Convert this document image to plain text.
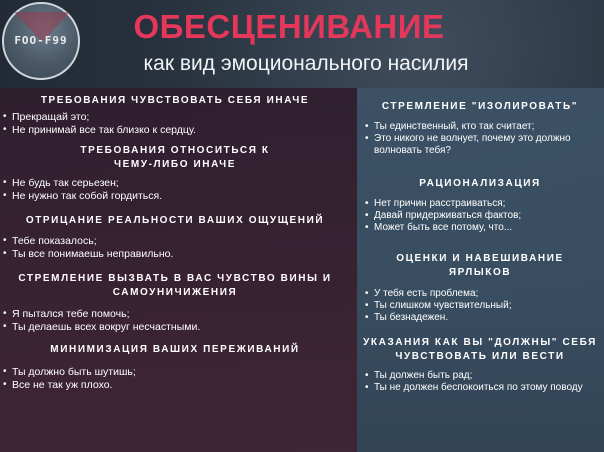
FOO-F99	ОБЕСЦЕНИВАНИЕ
как вид эмоционального насилия
ТРЕБОВАНИЯ ЧУВСТВОВАТЬ СЕБЯ ИНАЧЕ
• Прекращай это;
• Не принимай все так близко к сердцу.
ТРЕБОВАНИЯ ОТНОСИТЬСЯ К ЧЕМУ-ЛИБО ИНАЧЕ
• Не будь так серьезен;
• Не нужно так собой гордиться.
ОТРИЦАНИЕ РЕАЛЬНОСТИ ВАШИХ ОЩУЩЕНИЙ
• Тебе показалось;
• Ты все понимаешь неправильно.
СТРЕМЛЕНИЕ ВЫЗВАТЬ В ВАС ЧУВСТВО ВИНЫ И САМОУНИЧИЖЕНИЯ
• Я пытался тебе помочь;
• Ты делаешь всех вокруг несчастными.
МИНИМИЗАЦИЯ ВАШИХ ПЕРЕЖИВАНИЙ
• Ты должно быть шутишь;
• Все не так уж плохо.
СТРЕМЛЕНИЕ "ИЗОЛИРОВАТЬ"
• Ты единственный, кто так считает;
• Это никого не волнует, почему это должно волновать тебя?
РАЦИОНАЛИЗАЦИЯ
• Нет причин расстраиваться;
• Давай придерживаться фактов;
• Может быть все потому, что...
ОЦЕНКИ И НАВЕШИВАНИЕ ЯРЛЫКОВ
• У тебя есть проблема;
• Ты слишком чувствительный;
• Ты безнадежен.
УКАЗАНИЯ КАК ВЫ "ДОЛЖНЫ" СЕБЯ ЧУВСТВОВАТЬ ИЛИ ВЕСТИ
• Ты должен быть рад;
• Ты не должен беспокоиться по этому поводу
